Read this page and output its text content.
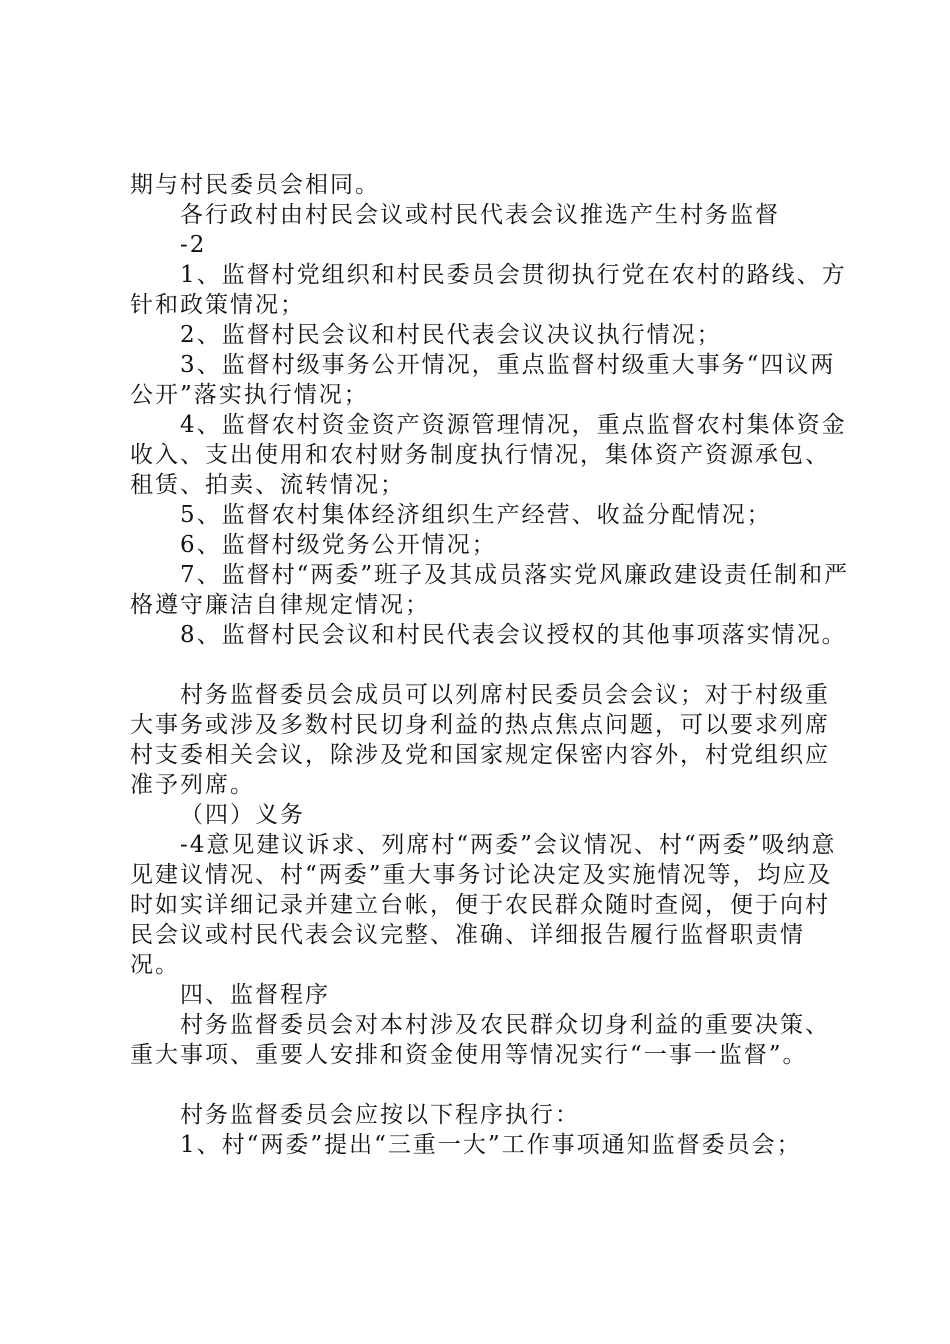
期与村民委员会相同。

各行政村由村民会议或村民代表会议推选产生村务监督

-2

1、监督村党组织和村民委员会贯彻执行党在农村的路线、方针和政策情况；

2、监督村民会议和村民代表会议决议执行情况；

3、监督村级事务公开情况，重点监督村级重大事务“四议两公开”落实执行情况；

4、监督农村资金资产资源管理情况，重点监督农村集体资金收入、支出使用和农村财务制度执行情况，集体资产资源承包、租赁、拍卖、流转情况；

5、监督农村集体经济组织生产经营、收益分配情况；

6、监督村级党务公开情况；

7、监督村“两委”班子及其成员落实党风廉政建设责任制和严格遵守廉洁自律规定情况；

8、监督村民会议和村民代表会议授权的其他事项落实情况。

村务监督委员会成员可以列席村民委员会会议；对于村级重大事务或涉及多数村民切身利益的热点焦点问题，可以要求列席村支委相关会议，除涉及党和国家规定保密内容外，村党组织应准予列席。

（四）义务

-4意见建议诉求、列席村“两委”会议情况、村“两委”吸纳意见建议情况、村“两委”重大事务讨论决定及实施情况等，均应及时如实详细记录并建立台帐，便于农民群众随时查阅，便于向村民会议或村民代表会议完整、准确、详细报告履行监督职责情况。

四、监督程序

村务监督委员会对本村涉及农民群众切身利益的重要决策、重大事项、重要人安排和资金使用等情况实行“一事一监督”。

村务监督委员会应按以下程序执行：

1、村“两委”提出“三重一大”工作事项通知监督委员会；
